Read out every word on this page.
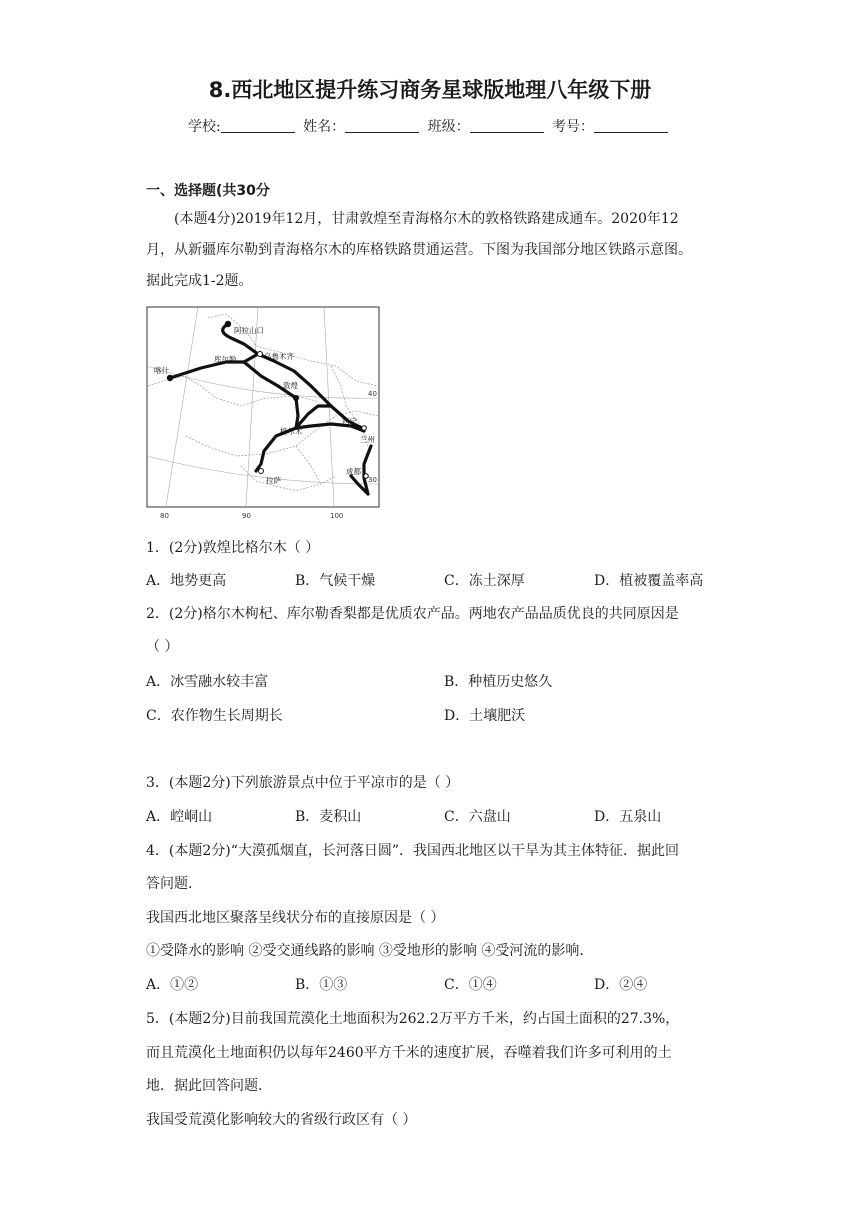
8.西北地区提升练习商务星球版地理八年级下册
学校:	姓名：	班级：	考号：
一、选择题(共30分
(本题4分)2019年12月，甘肃敦煌至青海格尔木的敦格铁路建成通车。2020年12
月，从新疆库尔勒到青海格尔木的库格铁路贯通运营。下图为我国部分地区铁路示意图。
据此完成1-2题。
阿拉山口
乌鲁木齐
库尔勒
喀什
敦煌
格尔木
西宁
兰州
拉萨
成都
80	90	100
40
30
1．(2分)敦煌比格尔木（ ）
A．地势更高	B．气候干燥	C．冻土深厚	D．植被覆盖率高
2．(2分)格尔木枸杞、库尔勒香梨都是优质农产品。两地农产品品质优良的共同原因是
（ ）
A．冰雪融水较丰富	B．种植历史悠久
C．农作物生长周期长	D．土壤肥沃
3．(本题2分)下列旅游景点中位于平凉市的是（ ）
A．崆峒山	B．麦积山	C．六盘山	D．五泉山
4．(本题2分)“大漠孤烟直，长河落日圆”．我国西北地区以干旱为其主体特征．据此回
答问题．
我国西北地区聚落呈线状分布的直接原因是（ ）
①受降水的影响 ②受交通线路的影响 ③受地形的影响 ④受河流的影响．
A．①②	B．①③	C．①④	D．②④
5．(本题2分)目前我国荒漠化土地面积为262.2万平方千米，约占国土面积的27.3%，
而且荒漠化土地面积仍以每年2460平方千米的速度扩展，吞噬着我们许多可利用的土
地．据此回答问题．
我国受荒漠化影响较大的省级行政区有（ ）
